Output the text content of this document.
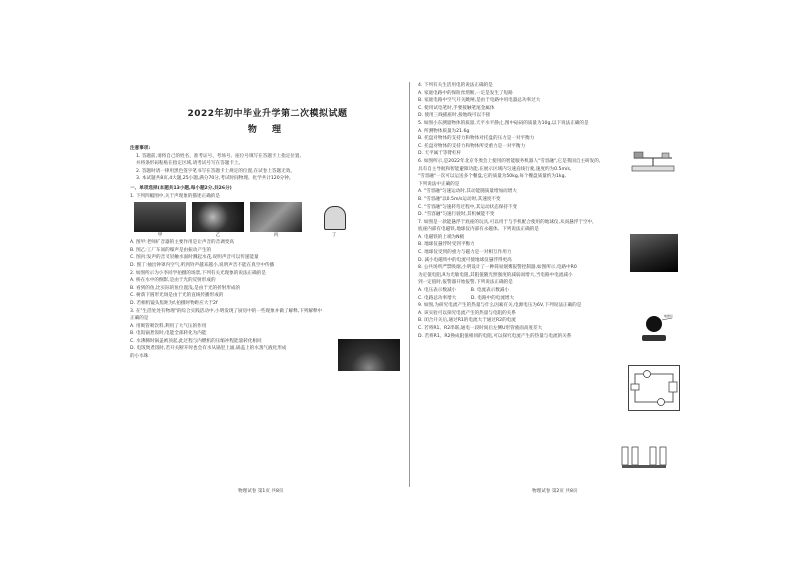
2022年初中毕业升学第二次模拟试题
物 理
注意事项:
1. 答题前,请将自己的姓名、准考证号、考场号、座位号填写在答题卡上指定位置,
并将条形码粘贴在指定区域,请考试号写在答题卡上。
2. 答题时请一律用黑色签字笔书写在答题卡上规定的位置,在试卷上答题无效。
3. 本试题共8页,4大题,25小题,满分70分,考试时间物理、化学共计120分钟。
一、单项选择(本题共13小题,每小题2分,共26分)
1. 下列四幅图中,关于声现象的描述正确的是
甲	乙	丙	丁
A. 图甲:老师扩音器的主要作用是让声音的音调变高
B. 图乙:工厂车间的噪声是由振动产生的
C. 图丙:发声的音叉轻触水面时溅起水花,说明声音可以传递能量
D. 图丁:抽出钟罩内空气,听到铃声越来越小,说明声音不能在真空中传播
2. 如图所示为小李同学拍摄的场景,下列有关光现象的说法正确的是
A. 桥在水中的倒影,是由于光的反射形成的
B. 看到的鱼,比实际的鱼位置浅,是由于光的折射形成的
C. 树荫下圆形光斑是由于光的直线传播形成的
D. 若相机镜头焦距为f,拍摄时物距应大于2f
3. 在"生活处处有物理"的综合实践活动中,小明发现了厨房中的一些现象并做了解释,下列解释中
正确的是
A. 用吸管吸饮料,利用了大气压的作用
B. 电饭锅煮饭时,电能全部转化为内能
C. 水沸腾时锅盖被顶起,此过程与内燃机的压缩冲程能量转化相同
D. 电饭煲煮饭时,若开关断开时也会有水从锅里上涌,锅盖上的水蒸气液化形成
的小水珠
4. 下列有关生活用电的说法正确的是
A. 家庭电路中的保险丝熔断,一定是发生了短路
B. 家庭电路中空气开关跳闸,是由于电路中用电器总功率过大
C. 使用试电笔时,手要接触笔尾金属体
D. 使用三线插座时,接地线可以不接
5. 如图小东测量物体的质量,天平水平静止,图中砝码的质量为10g,以下说法正确的是
A. 所测物体质量为21.6g
B. 托盘对物体的支持力和物体对托盘的压力是一对平衡力
C. 托盘对物体的支持力和物体所受重力是一对平衡力
D. 天平属于等臂杠杆
6. 如图所示,是2022年北京冬奥会上使用的智能服务机器人"雪容融",它是我国自主研发的,
具有自主导航和智能避障功能,在展示区域内匀速直线行驶,速度约为0.5m/s,
"雪容融"一次可以运送多个餐盘,它的质量为50kg,每个餐盘质量约为1kg,
下列说法中正确的是
A. "雪容融"匀速运动时,其动能随质量增加而增大
B. "雪容融"以0.5m/s运动时,其速度不变
C. "雪容融"匀速转弯过程中,其运动状态保持不变
D. "雪容融"匀速行驶时,其机械能不变
7. 如图是一款能悬浮于底座的玩具,可以用于与手机配合使用的地球仪,从而悬浮于空中,
底座内部有电磁铁,地球仪内部有永磁体。下列说法正确的是
A. 电磁铁的上端为N极
B. 地球仪悬浮时受到平衡力
C. 地球仪受到的重力与磁力是一对相互作用力
D. 减小电磁铁中的电流可使地球仪悬浮得更高
8. 公共场所严禁吸烟,小明设计了一种简易烟雾报警控制器,如图所示,电路中R0
为定值电阻,R为光敏电阻,其阻值随光照强度的减弱而增大,当电路中电流减小
到一定值时,报警器开始报警,下列说法正确的是
A. 电压表示数减小	B. 电流表示数减小
C. 电路总功率增大	D. 电路中的电流增大
9. 如图,为研究电流产生的热量与什么因素有关,电源电压为6V,下列说法正确的是
A. 该实验可以探究电流产生的热量与电阻的关系
B. 闭合开关后,通过R1的电流大于通过R2的电流
C. 若将R1、R2串联,通电一段时间后左侧U形管液面高度差大
D. 若将R1、R2换成阻值相同的电阻,可以探究电流产生的热量与电流的关系
地球仪
物理试卷 第1页 共8页	物理试卷 第2页 共8页
